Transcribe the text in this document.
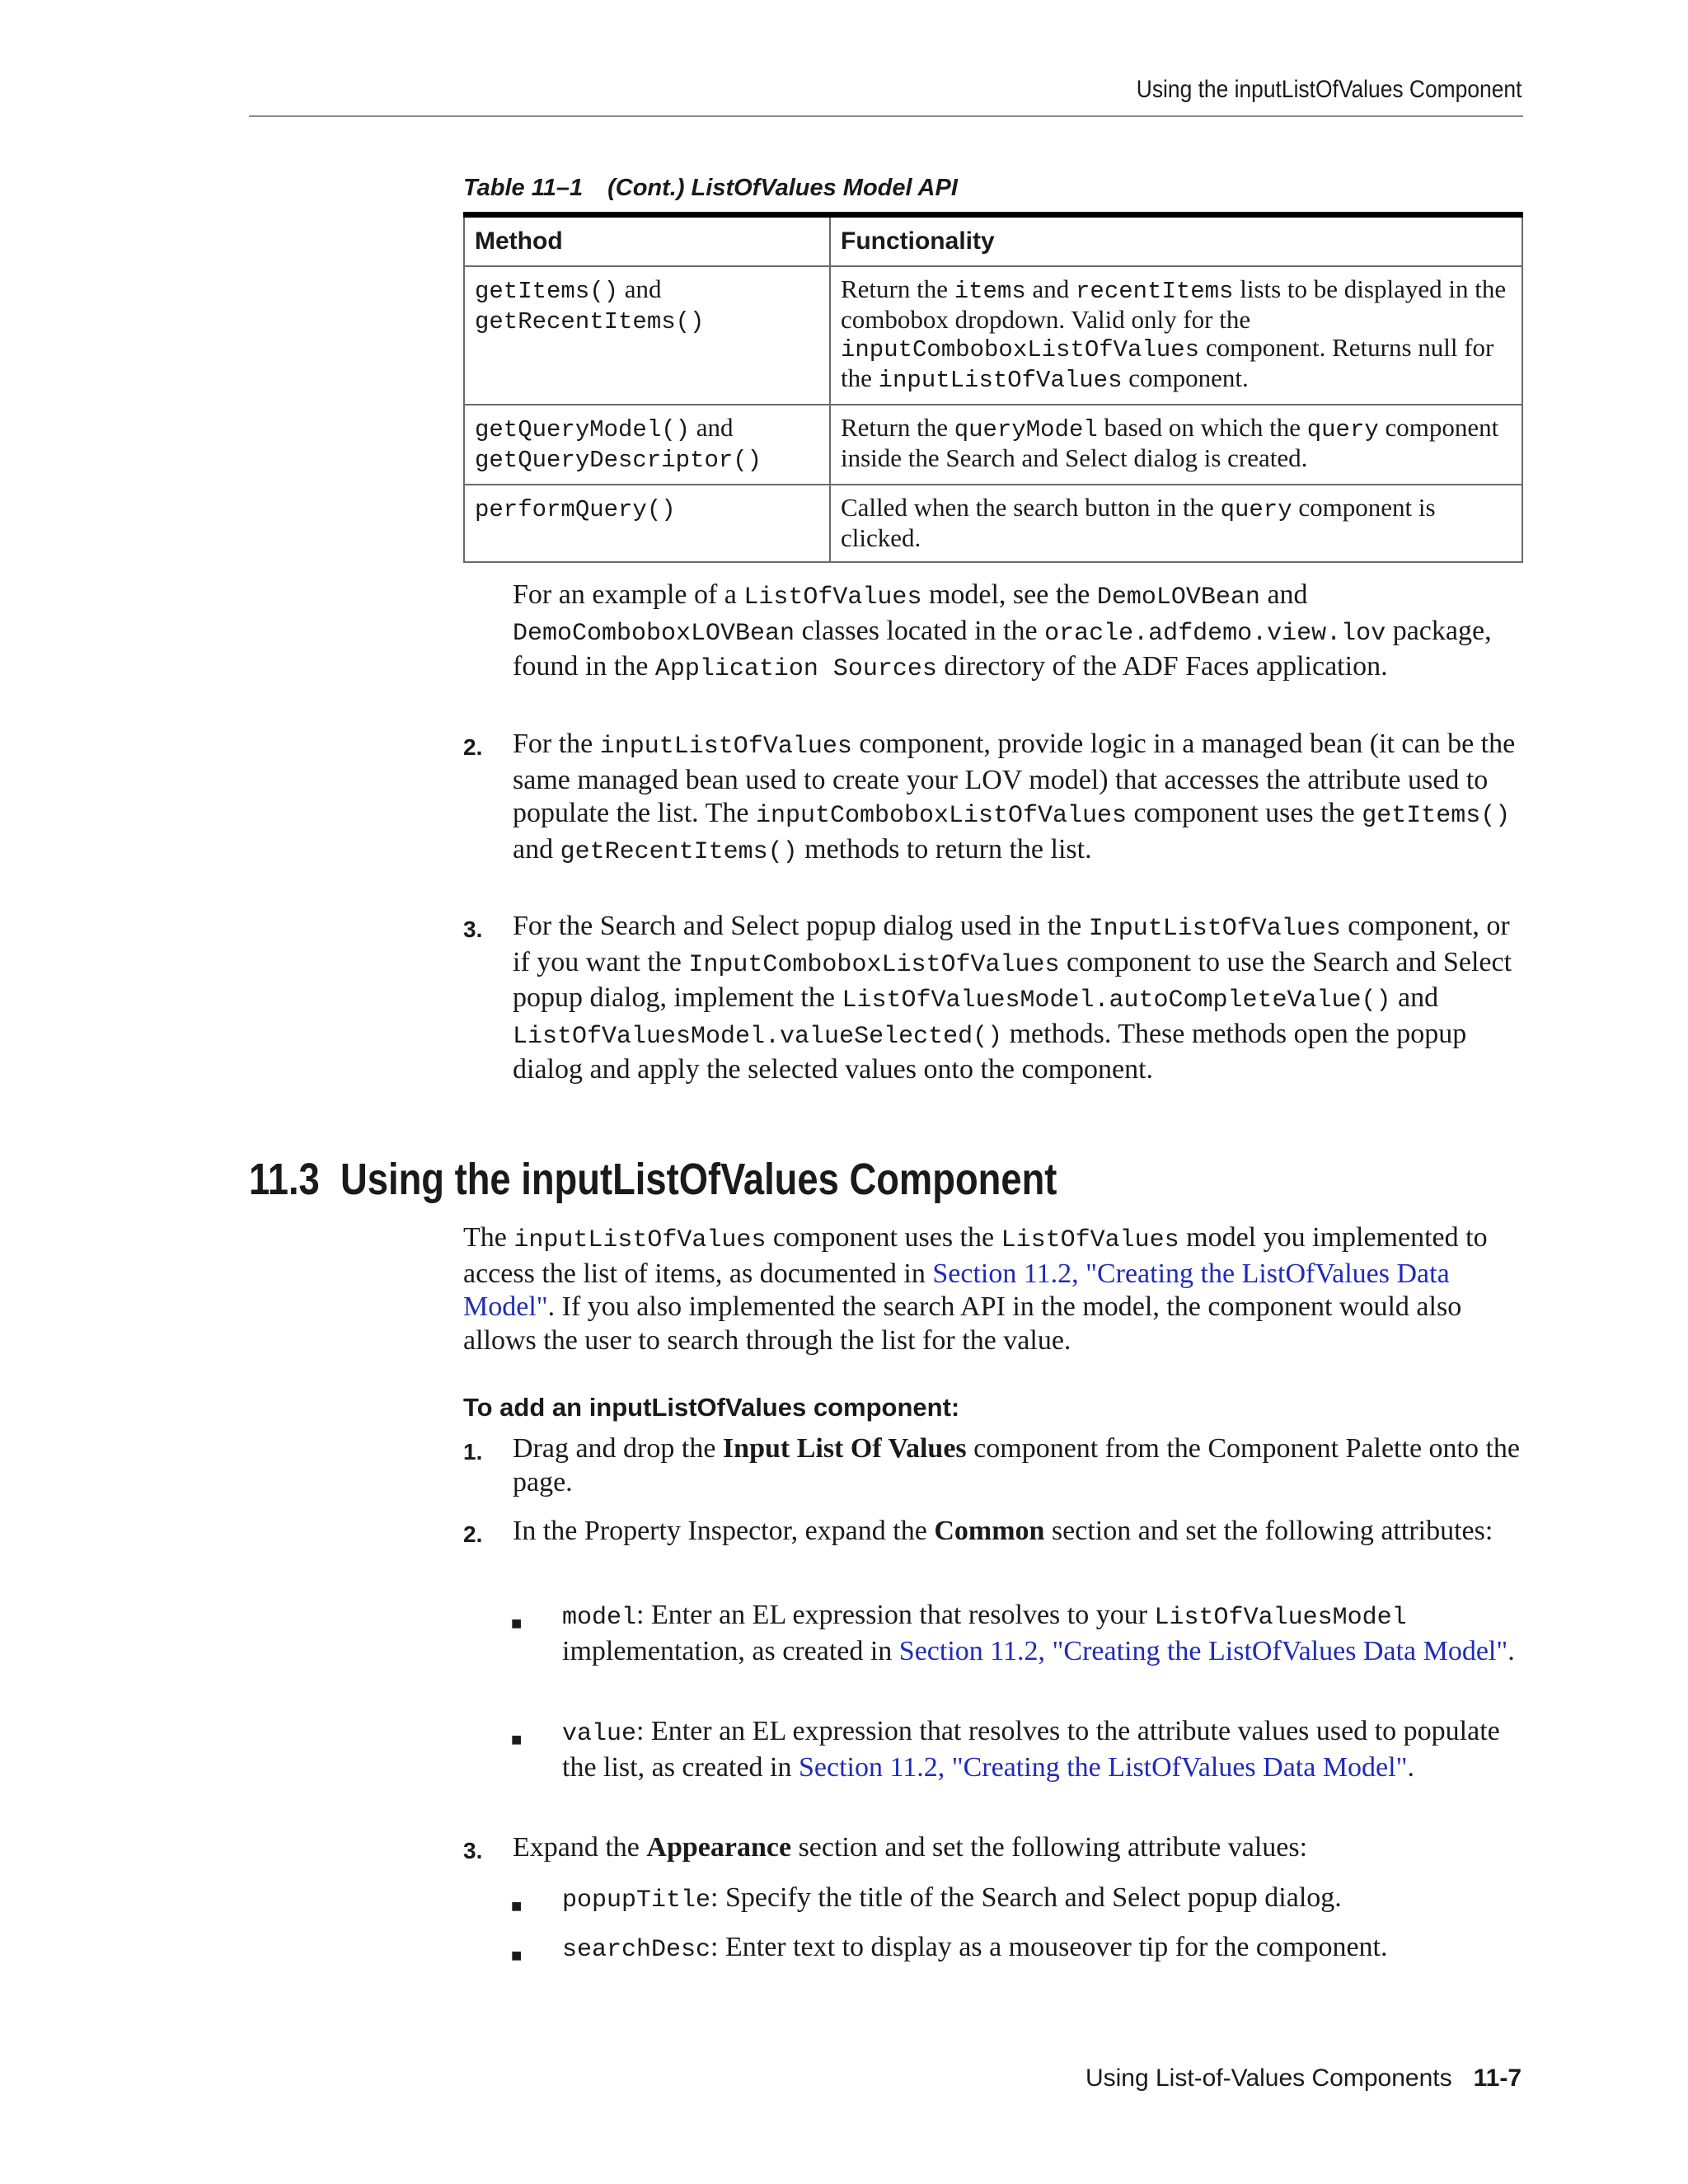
Using the inputListOfValues Component
Table 11–1 (Cont.) ListOfValues Model API
Method	Functionality
getItems() and
getRecentItems()	Return the items and recentItems lists to be displayed in the combobox dropdown. Valid only for the inputComboboxListOfValues component. Returns null for the inputListOfValues component.
getQueryModel() and
getQueryDescriptor()	Return the queryModel based on which the query component inside the Search and Select dialog is created.
performQuery()	Called when the search button in the query component is clicked.
For an example of a ListOfValues model, see the DemoLOVBean and DemoComboboxLOVBean classes located in the oracle.adfdemo.view.lov package, found in the Application Sources directory of the ADF Faces application.
2. For the inputListOfValues component, provide logic in a managed bean (it can be the same managed bean used to create your LOV model) that accesses the attribute used to populate the list. The inputComboboxListOfValues component uses the getItems() and getRecentItems() methods to return the list.
3. For the Search and Select popup dialog used in the InputListOfValues component, or if you want the InputComboboxListOfValues component to use the Search and Select popup dialog, implement the ListOfValuesModel.autoCompleteValue() and ListOfValuesModel.valueSelected() methods. These methods open the popup dialog and apply the selected values onto the component.
11.3 Using the inputListOfValues Component
The inputListOfValues component uses the ListOfValues model you implemented to access the list of items, as documented in Section 11.2, "Creating the ListOfValues Data Model". If you also implemented the search API in the model, the component would also allows the user to search through the list for the value.
To add an inputListOfValues component:
1. Drag and drop the Input List Of Values component from the Component Palette onto the page.
2. In the Property Inspector, expand the Common section and set the following attributes:
■ model: Enter an EL expression that resolves to your ListOfValuesModel implementation, as created in Section 11.2, "Creating the ListOfValues Data Model".
■ value: Enter an EL expression that resolves to the attribute values used to populate the list, as created in Section 11.2, "Creating the ListOfValues Data Model".
3. Expand the Appearance section and set the following attribute values:
■ popupTitle: Specify the title of the Search and Select popup dialog.
■ searchDesc: Enter text to display as a mouseover tip for the component.
Using List-of-Values Components 11-7
